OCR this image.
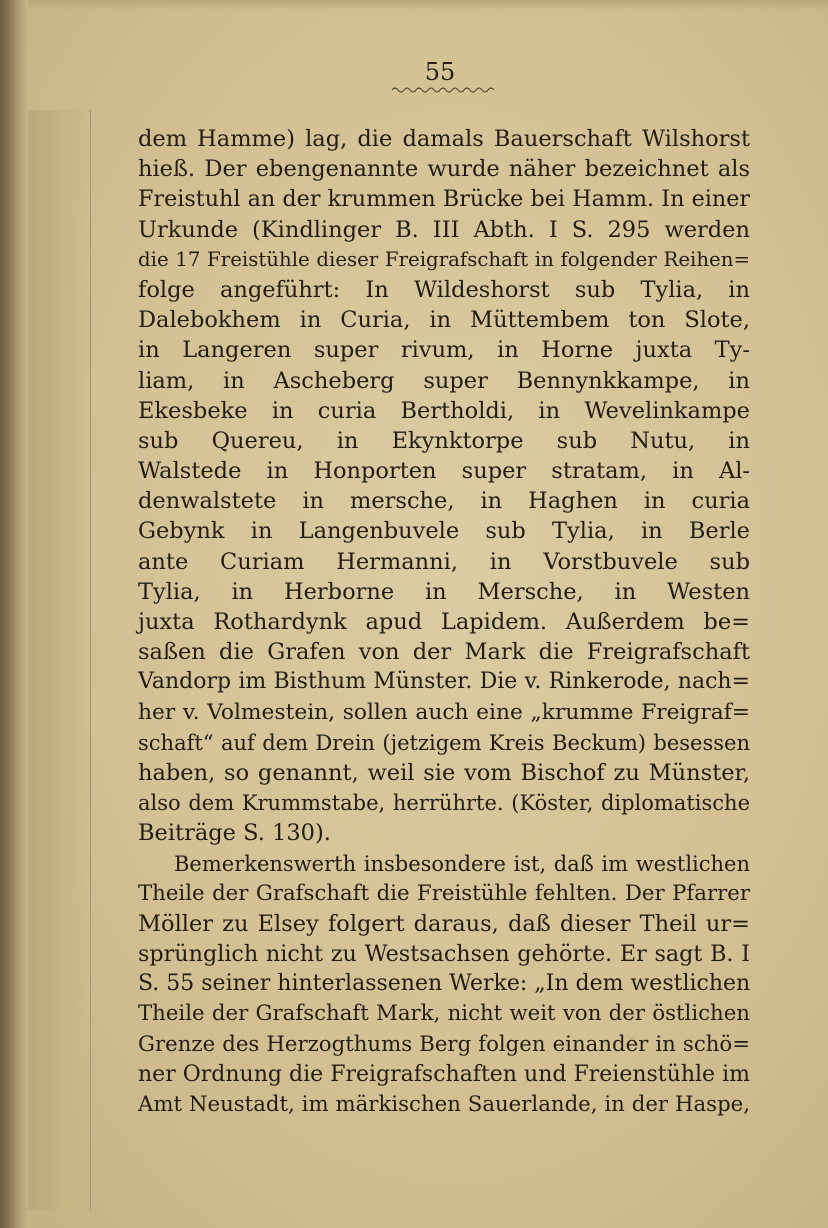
55
dem Hamme) lag, die damals Bauerschaft Wilshorst
hieß. Der ebengenannte wurde näher bezeichnet als
Freistuhl an der krummen Brücke bei Hamm. In einer
Urkunde (Kindlinger B. III Abth. I S. 295 werden
die 17 Freistühle dieser Freigrafschaft in folgender Reihen=
folge angeführt: In Wildeshorst sub Tylia, in
Dalebokhem in Curia, in Müttembem ton Slote,
in Langeren super rivum, in Horne juxta Ty-
liam, in Ascheberg super Bennynkkampe, in
Ekesbeke in curia Bertholdi, in Wevelinkampe
sub Quereu, in Ekynktorpe sub Nutu, in
Walstede in Honporten super stratam, in Al-
denwalstete in mersche, in Haghen in curia
Gebynk in Langenbuvele sub Tylia, in Berle
ante Curiam Hermanni, in Vorstbuvele sub
Tylia, in Herborne in Mersche, in Westen
juxta Rothardynk apud Lapidem. Außerdem be=
saßen die Grafen von der Mark die Freigrafschaft
Vandorp im Bisthum Münster. Die v. Rinkerode, nach=
her v. Volmestein, sollen auch eine „krumme Freigraf=
schaft“ auf dem Drein (jetzigem Kreis Beckum) besessen
haben, so genannt, weil sie vom Bischof zu Münster,
also dem Krummstabe, herrührte. (Köster, diplomatische
Beiträge S. 130).
Bemerkenswerth insbesondere ist, daß im westlichen
Theile der Grafschaft die Freistühle fehlten. Der Pfarrer
Möller zu Elsey folgert daraus, daß dieser Theil ur=
sprünglich nicht zu Westsachsen gehörte. Er sagt B. I
S. 55 seiner hinterlassenen Werke: „In dem westlichen
Theile der Grafschaft Mark, nicht weit von der östlichen
Grenze des Herzogthums Berg folgen einander in schö=
ner Ordnung die Freigrafschaften und Freienstühle im
Amt Neustadt, im märkischen Sauerlande, in der Haspe,
